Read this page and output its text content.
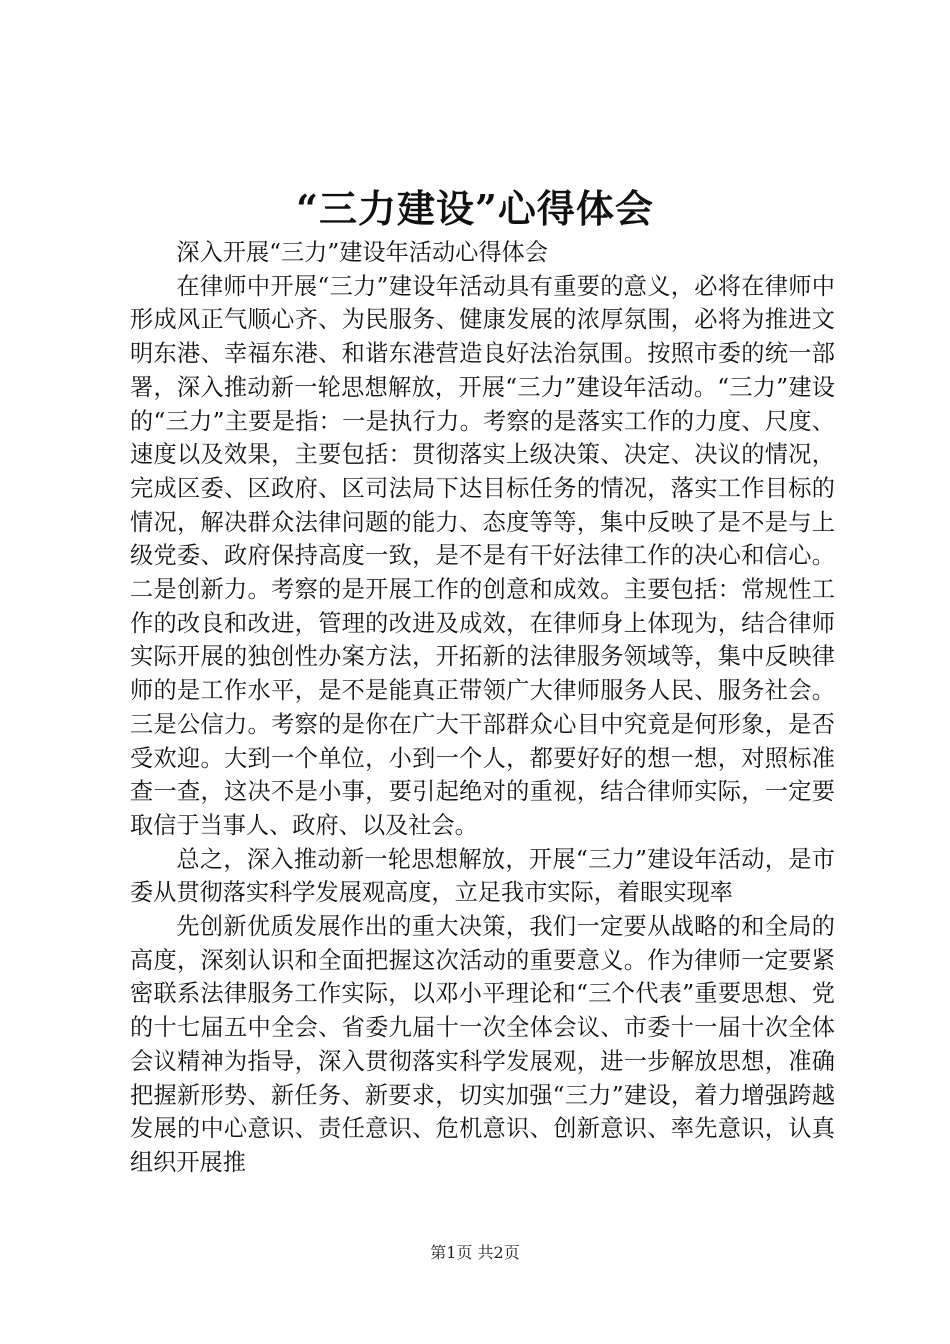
“三力建设”心得体会

深入开展“三力”建设年活动心得体会

在律师中开展“三力”建设年活动具有重要的意义，必将在律师中形成风正气顺心齐、为民服务、健康发展的浓厚氛围，必将为推进文明东港、幸福东港、和谐东港营造良好法治氛围。按照市委的统一部署，深入推动新一轮思想解放，开展“三力”建设年活动。“三力”建设的“三力”主要是指：一是执行力。考察的是落实工作的力度、尺度、速度以及效果，主要包括：贯彻落实上级决策、决定、决议的情况，完成区委、区政府、区司法局下达目标任务的情况，落实工作目标的情况，解决群众法律问题的能力、态度等等，集中反映了是不是与上级党委、政府保持高度一致，是不是有干好法律工作的决心和信心。二是创新力。考察的是开展工作的创意和成效。主要包括：常规性工作的改良和改进，管理的改进及成效，在律师身上体现为，结合律师实际开展的独创性办案方法，开拓新的法律服务领域等，集中反映律师的是工作水平，是不是能真正带领广大律师服务人民、服务社会。三是公信力。考察的是你在广大干部群众心目中究竟是何形象，是否受欢迎。大到一个单位，小到一个人，都要好好的想一想，对照标准查一查，这决不是小事，要引起绝对的重视，结合律师实际，一定要取信于当事人、政府、以及社会。

总之，深入推动新一轮思想解放，开展“三力”建设年活动，是市委从贯彻落实科学发展观高度，立足我市实际，着眼实现率

先创新优质发展作出的重大决策，我们一定要从战略的和全局的高度，深刻认识和全面把握这次活动的重要意义。作为律师一定要紧密联系法律服务工作实际，以邓小平理论和“三个代表”重要思想、党的十七届五中全会、省委九届十一次全体会议、市委十一届十次全体会议精神为指导，深入贯彻落实科学发展观，进一步解放思想，准确把握新形势、新任务、新要求，切实加强“三力”建设，着力增强跨越发展的中心意识、责任意识、危机意识、创新意识、率先意识，认真组织开展推

第1页 共2页
